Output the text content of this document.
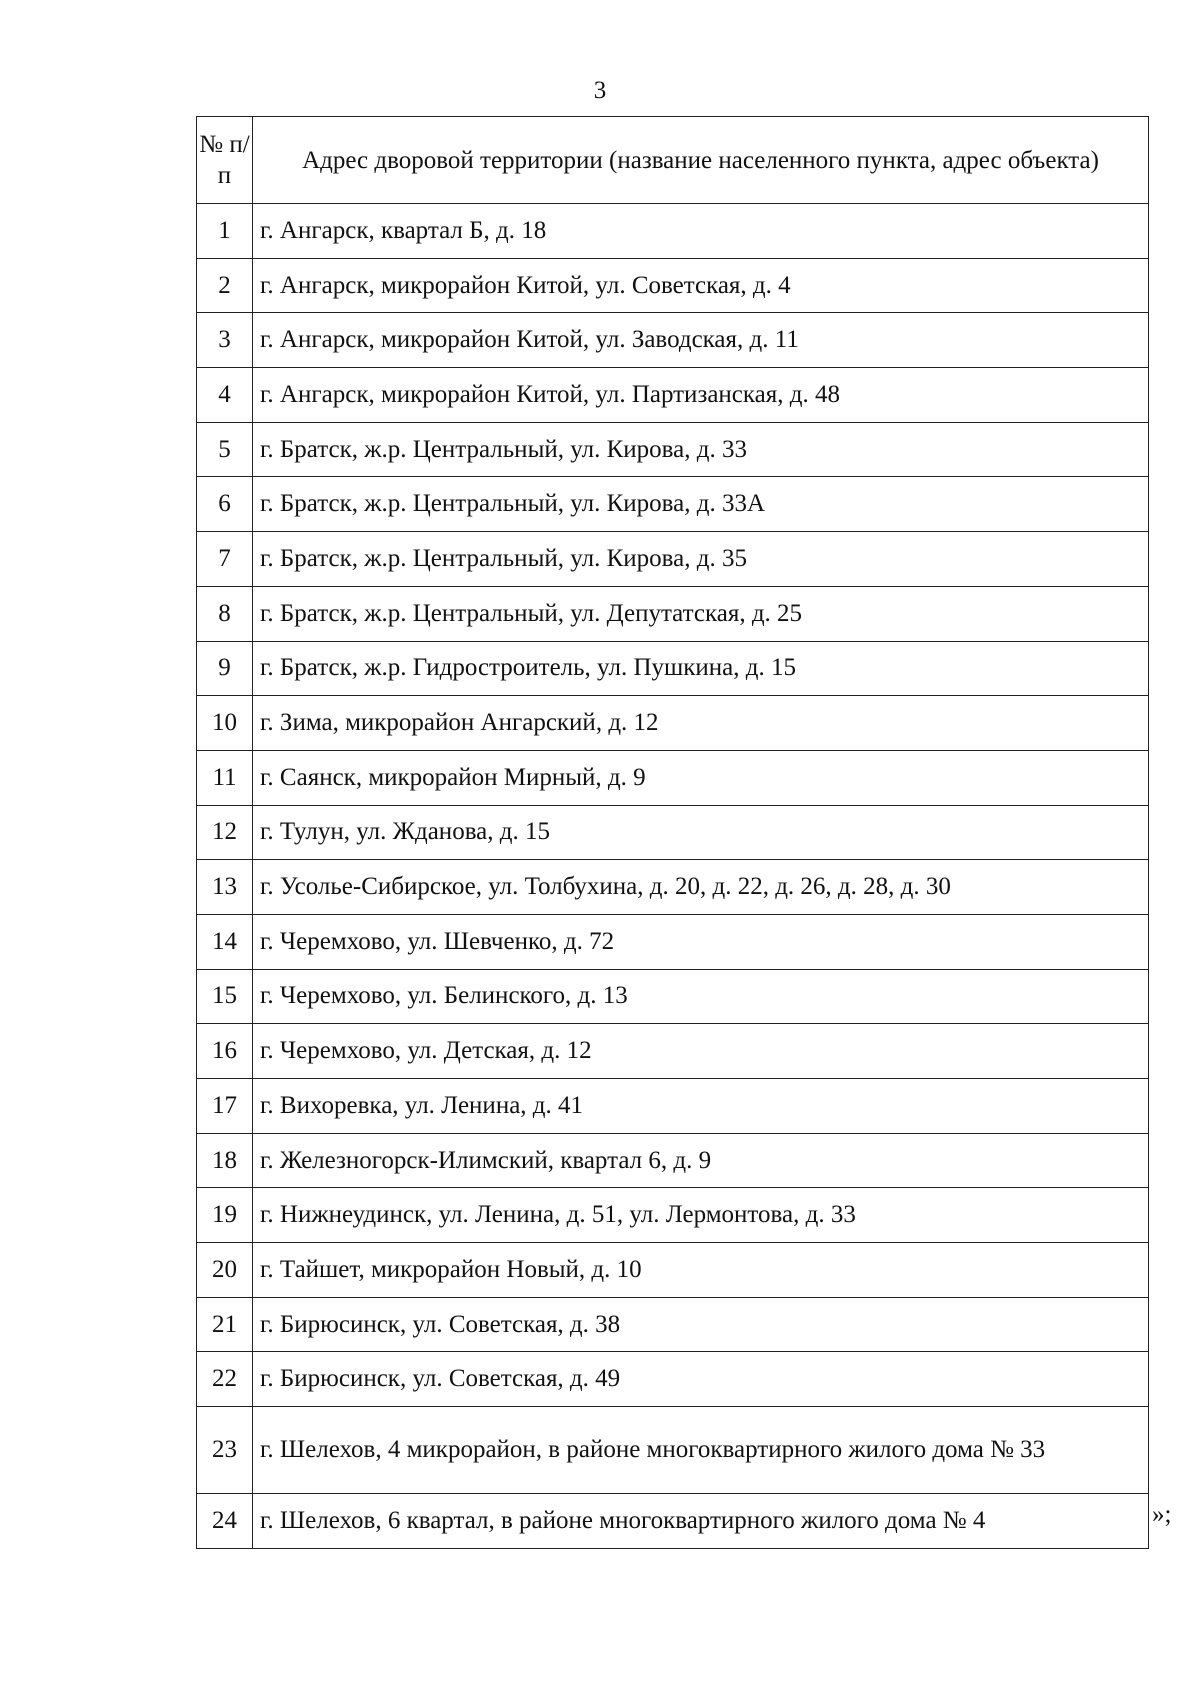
3
№ п/п	Адрес дворовой территории (название населенного пункта, адрес объекта)
1	г. Ангарск, квартал Б, д. 18
2	г. Ангарск, микрорайон Китой, ул. Советская, д. 4
3	г. Ангарск, микрорайон Китой, ул. Заводская, д. 11
4	г. Ангарск, микрорайон Китой, ул. Партизанская, д. 48
5	г. Братск, ж.р. Центральный, ул. Кирова, д. 33
6	г. Братск, ж.р. Центральный, ул. Кирова, д. 33А
7	г. Братск, ж.р. Центральный, ул. Кирова, д. 35
8	г. Братск, ж.р. Центральный, ул. Депутатская, д. 25
9	г. Братск, ж.р. Гидростроитель, ул. Пушкина, д. 15
10	г. Зима, микрорайон Ангарский, д. 12
11	г. Саянск, микрорайон Мирный, д. 9
12	г. Тулун, ул. Жданова, д. 15
13	г. Усолье-Сибирское, ул. Толбухина, д. 20, д. 22, д. 26, д. 28, д. 30
14	г. Черемхово, ул. Шевченко, д. 72
15	г. Черемхово, ул. Белинского, д. 13
16	г. Черемхово, ул. Детская, д. 12
17	г. Вихоревка, ул. Ленина, д. 41
18	г. Железногорск-Илимский, квартал 6, д. 9
19	г. Нижнеудинск, ул. Ленина, д. 51, ул. Лермонтова, д. 33
20	г. Тайшет, микрорайон Новый, д. 10
21	г. Бирюсинск, ул. Советская, д. 38
22	г. Бирюсинск, ул. Советская, д. 49
23	г. Шелехов, 4 микрорайон, в районе многоквартирного жилого дома № 33
24	г. Шелехов, 6 квартал, в районе многоквартирного жилого дома № 4	»;
